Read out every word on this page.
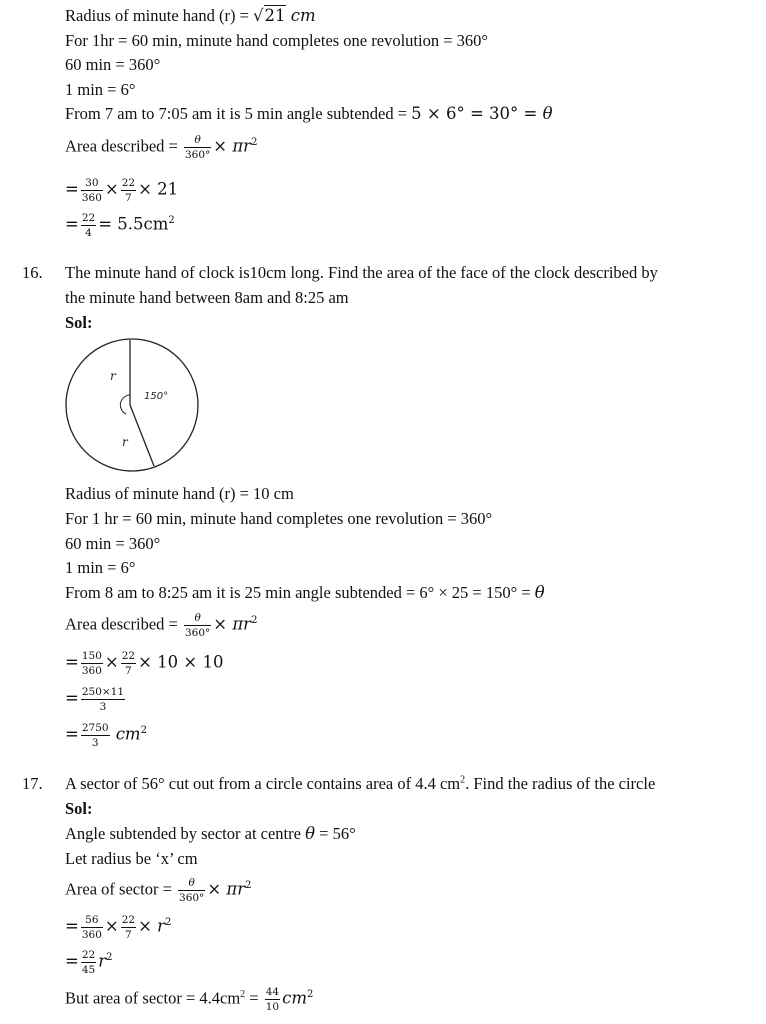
Radius of minute hand (r) = √21 cm
For 1hr = 60 min, minute hand completes one revolution = 360°
60 min = 360°
1 min = 6°
From 7 am to 7:05 am it is 5 min angle subtended = 5 × 6° = 30° = θ
Area described = $\frac{\theta}{360^\circ} \times \pi r^2$
= $\frac{30}{360} \times \frac{22}{7} \times 21$
= $\frac{22}{4} = 5.5cm^2$
16. The minute hand of clock is10cm long. Find the area of the face of the clock described by
the minute hand between 8am and 8:25 am
Sol:
150°
r
r
Radius of minute hand (r) = 10 cm
For 1 hr = 60 min, minute hand completes one revolution = 360°
60 min = 360°
1 min = 6°
From 8 am to 8:25 am it is 25 min angle subtended = 6° × 25 = 150° = θ
Area described = $\frac{\theta}{360^\circ} \times \pi r^2$
= $\frac{150}{360} \times \frac{22}{7} \times 10 \times 10$
= $\frac{250\times 11}{3}$
= $\frac{2750}{3} cm^2$
17. A sector of 56° cut out from a circle contains area of 4.4 $cm^2$. Find the radius of the circle
Sol:
Angle subtended by sector at centre θ = 56°
Let radius be ‘x’ cm
Area of sector = $\frac{\theta}{360^\circ} \times \pi r^2$
= $\frac{56}{360} \times \frac{22}{7} \times r^2$
= $\frac{22}{45} r^2$
But area of sector = $4.4cm^2 = \frac{44}{10} cm^2$
